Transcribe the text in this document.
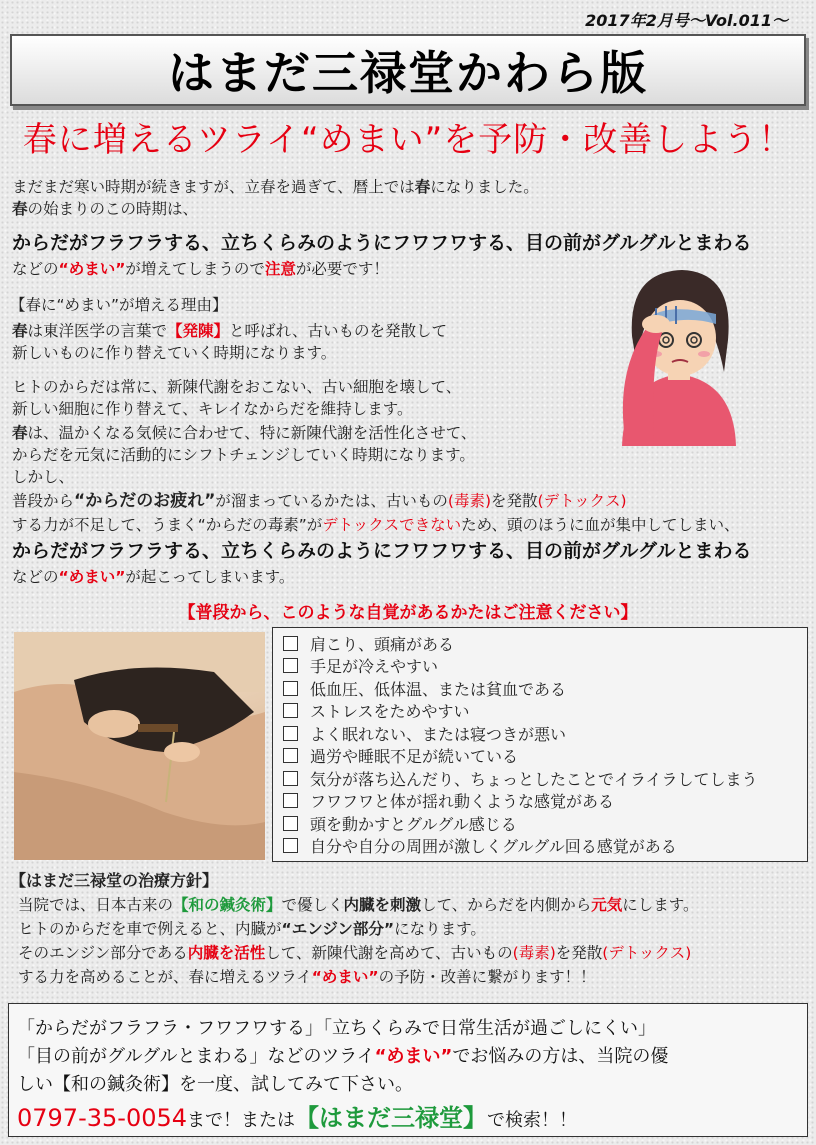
2017年2月号～Vol.011～
はまだ三禄堂かわら版
春に増えるツライ“めまい”を予防・改善しよう！
まだまだ寒い時期が続きますが、立春を過ぎて、暦上では春になりました。
春の始まりのこの時期は、
からだがフラフラする、立ちくらみのようにフワフワする、目の前がグルグルとまわる
などの“めまい”が増えてしまうので注意が必要です！
【春に“めまい”が増える理由】
春は東洋医学の言葉で【発陳】と呼ばれ、古いものを発散して
新しいものに作り替えていく時期になります。
ヒトのからだは常に、新陳代謝をおこない、古い細胞を壊して、
新しい細胞に作り替えて、キレイなからだを維持します。
春は、温かくなる気候に合わせて、特に新陳代謝を活性化させて、
からだを元気に活動的にシフトチェンジしていく時期になります。
しかし、
普段から“からだのお疲れ”が溜まっているかたは、古いもの(毒素)を発散(デトックス)
する力が不足して、うまく“からだの毒素”がデトックスできないため、頭のほうに血が集中してしまい、
からだがフラフラする、立ちくらみのようにフワフワする、目の前がグルグルとまわる
などの“めまい”が起こってしまいます。
【普段から、このような自覚があるかたはご注意ください】
肩こり、頭痛がある
手足が冷えやすい
低血圧、低体温、または貧血である
ストレスをためやすい
よく眠れない、または寝つきが悪い
過労や睡眠不足が続いている
気分が落ち込んだり、ちょっとしたことでイライラしてしまう
フワフワと体が揺れ動くような感覚がある
頭を動かすとグルグル感じる
自分や自分の周囲が激しくグルグル回る感覚がある
【はまだ三禄堂の治療方針】
当院では、日本古来の【和の鍼灸術】で優しく内臓を刺激して、からだを内側から元気にします。
ヒトのからだを車で例えると、内臓が“エンジン部分”になります。
そのエンジン部分である内臓を活性して、新陳代謝を高めて、古いもの(毒素)を発散(デトックス)
する力を高めることが、春に増えるツライ“めまい”の予防・改善に繋がります！！
「からだがフラフラ・フワフワする」「立ちくらみで日常生活が過ごしにくい」
「目の前がグルグルとまわる」などのツライ“めまい”でお悩みの方は、当院の優
しい【和の鍼灸術】を一度、試してみて下さい。
0797-35-0054まで！または【はまだ三禄堂】で検索！！
